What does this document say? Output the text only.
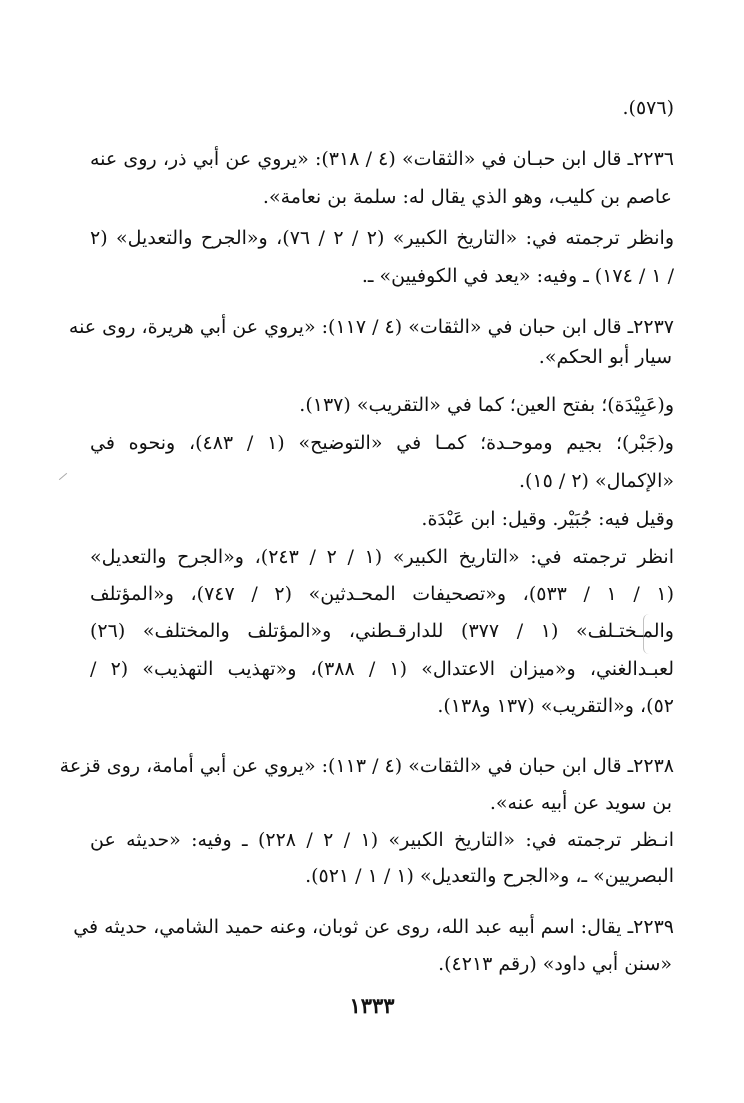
(٥٧٦).
٢٢٣٦ـ قال ابن حبـان في «الثقات» (٤ / ٣١٨): «يروي عن أبي ذر، روى عنه
عاصم بن كليب، وهو الذي يقال له: سلمة بن نعامة».
وانظر ترجمته في: «التاريخ الكبير» (٢ / ٢ / ٧٦)، و«الجرح والتعديل» (٢
/ ١ / ١٧٤) ـ وفيه: «يعد في الكوفيين» ـ.
٢٢٣٧ـ قال ابن حبان في «الثقات» (٤ / ١١٧): «يروي عن أبي هريرة، روى عنه
سيار أبو الحكم».
و(عَبِيْدَة)؛ بفتح العين؛ كما في «التقريب» (١٣٧).
و(جَبْر)؛ بجيم وموحـدة؛ كمـا في «التوضيح» (١ / ٤٨٣)، ونحوه في
«الإكمال» (٢ / ١٥).
وقيل فيه: جُبَيْر. وقيل: ابن عَبْدَة.
انظر ترجمته في: «التاريخ الكبير» (١ / ٢ / ٢٤٣)، و«الجرح والتعديل»
(١ / ١ / ٥٣٣)، و«تصحيفات المحـدثين» (٢ / ٧٤٧)، و«المؤتلف
والمـختـلف» (١ / ٣٧٧) للدارقـطني، و«المؤتلف والمختلف» (٢٦)
لعبـدالغني، و«ميزان الاعتدال» (١ / ٣٨٨)، و«تهذيب التهذيب» (٢ /
٥٢)، و«التقريب» (١٣٧ و١٣٨).
٢٢٣٨ـ قال ابن حبان في «الثقات» (٤ / ١١٣): «يروي عن أبي أمامة، روى قزعة
بن سويد عن أبيه عنه».
انـظر ترجمته في: «التاريخ الكبير» (١ / ٢ / ٢٢٨) ـ وفيه: «حديثه عن
البصريين» ـ، و«الجرح والتعديل» (١ / ١ / ٥٢١).
٢٢٣٩ـ يقال: اسم أبيه عبد الله، روى عن ثوبان، وعنه حميد الشامي، حديثه في
«سنن أبي داود» (رقم ٤٢١٣).
١٣٣٣
